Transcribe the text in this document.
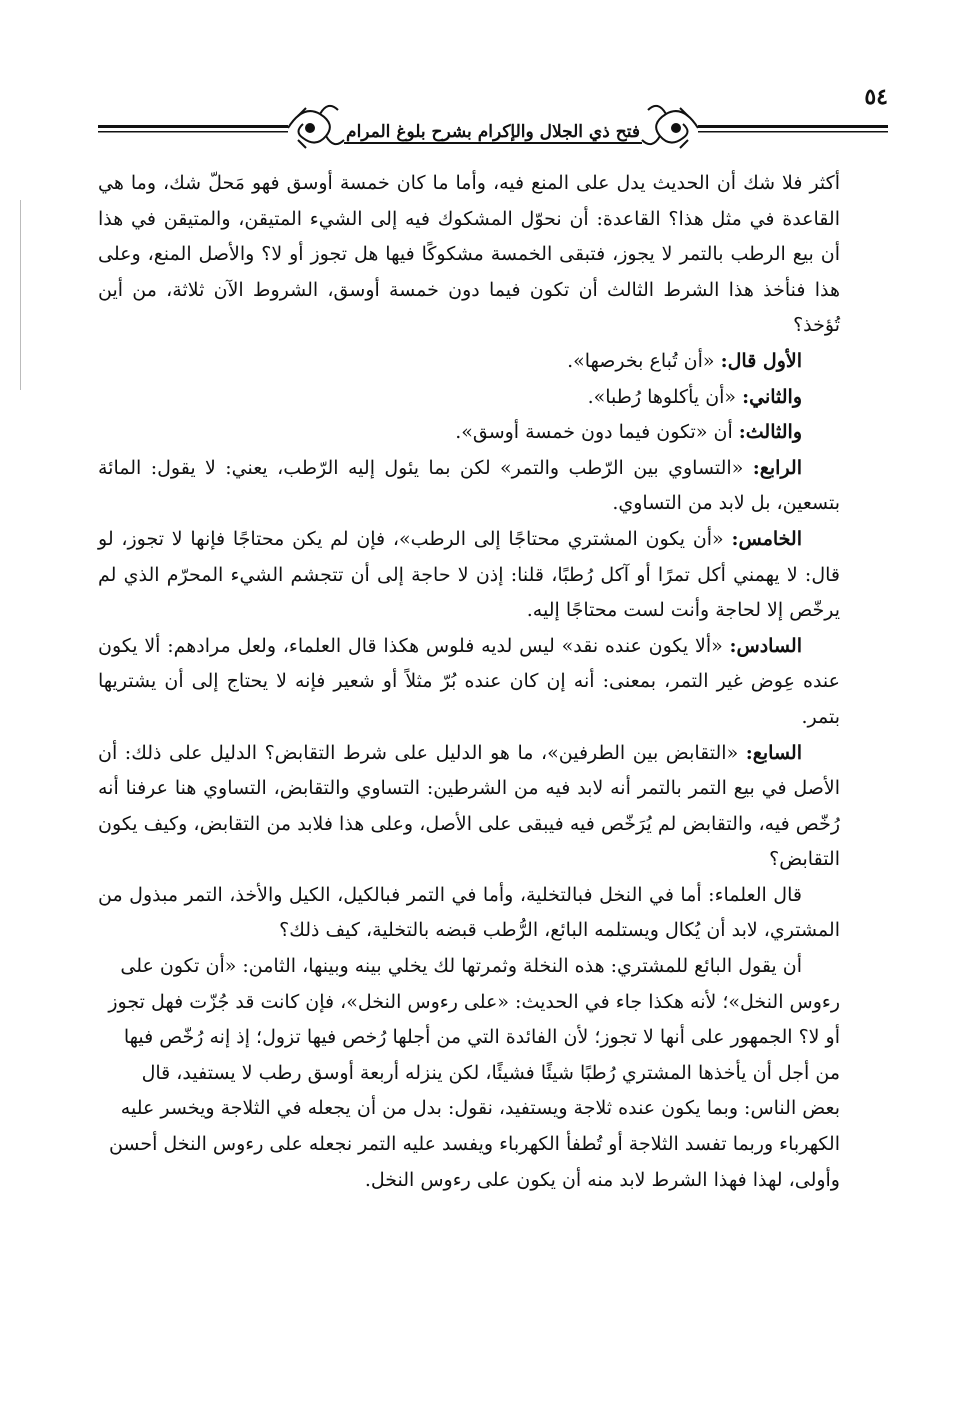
٥٤
فتح ذي الجلال والإكرام بشرح بلوغ المرام

أكثر فلا شك أن الحديث يدل على المنع فيه، وأما ما كان خمسة أوسق فهو مَحلّ شك، وما هي القاعدة في مثل هذا؟ القاعدة: أن نحوّل المشكوك فيه إلى الشيء المتيقن، والمتيقن في هذا أن بيع الرطب بالتمر لا يجوز، فتبقى الخمسة مشكوكًا فيها هل تجوز أو لا؟ والأصل المنع، وعلى هذا فنأخذ هذا الشرط الثالث أن تكون فيما دون خمسة أوسق، الشروط الآن ثلاثة، من أين تُؤخذ؟

الأول قال: «أن تُباع بخرصها».

والثاني: «أن يأكلوها رُطبا».

والثالث: أن «تكون فيما دون خمسة أوسق».

الرابع: «التساوي بين الرّطب والتمر» لكن بما يئول إليه الرّطب، يعني: لا يقول: المائة بتسعين، بل لابد من التساوي.

الخامس: «أن يكون المشتري محتاجًا إلى الرطب»، فإن لم يكن محتاجًا فإنها لا تجوز، لو قال: لا يهمني أكل تمرًا أو آكل رُطبًا، قلنا: إذن لا حاجة إلى أن تتجشم الشيء المحرّم الذي لم يرخّص إلا لحاجة وأنت لست محتاجًا إليه.

السادس: «ألا يكون عنده نقد» ليس لديه فلوس هكذا قال العلماء، ولعل مرادهم: ألا يكون عنده عِوض غير التمر، بمعنى: أنه إن كان عنده بُرّ مثلاً أو شعير فإنه لا يحتاج إلى أن يشتريها بتمر.

السابع: «التقابض بين الطرفين»، ما هو الدليل على شرط التقابض؟ الدليل على ذلك: أن الأصل في بيع التمر بالتمر أنه لابد فيه من الشرطين: التساوي والتقابض، التساوي هنا عرفنا أنه رُخّص فيه، والتقابض لم يُرَخّص فيه فيبقى على الأصل، وعلى هذا فلابد من التقابض، وكيف يكون التقابض؟

قال العلماء: أما في النخل فبالتخلية، وأما في التمر فبالكيل، الكيل والأخذ، التمر مبذول من المشتري، لابد أن يُكال ويستلمه البائع، الرُّطب قبضه بالتخلية، كيف ذلك؟

أن يقول البائع للمشتري: هذه النخلة وثمرتها لك يخلي بينه وبينها، الثامن: «أن تكون على رءوس النخل»؛ لأنه هكذا جاء في الحديث: «على رءوس النخل»، فإن كانت قد جُزّت فهل تجوز أو لا؟ الجمهور على أنها لا تجوز؛ لأن الفائدة التي من أجلها رُخص فيها تزول؛ إذ إنه رُخّص فيها من أجل أن يأخذها المشتري رُطبًا شيئًا فشيئًا، لكن ينزله أربعة أوسق رطب لا يستفيد، قال بعض الناس: وبما يكون عنده ثلاجة ويستفيد، نقول: بدل من أن يجعله في الثلاجة ويخسر عليه الكهرباء وربما تفسد الثلاجة أو تُطفأ الكهرباء ويفسد عليه التمر نجعله على رءوس النخل أحسن وأولى، لهذا فهذا الشرط لابد منه أن يكون على رءوس النخل.
